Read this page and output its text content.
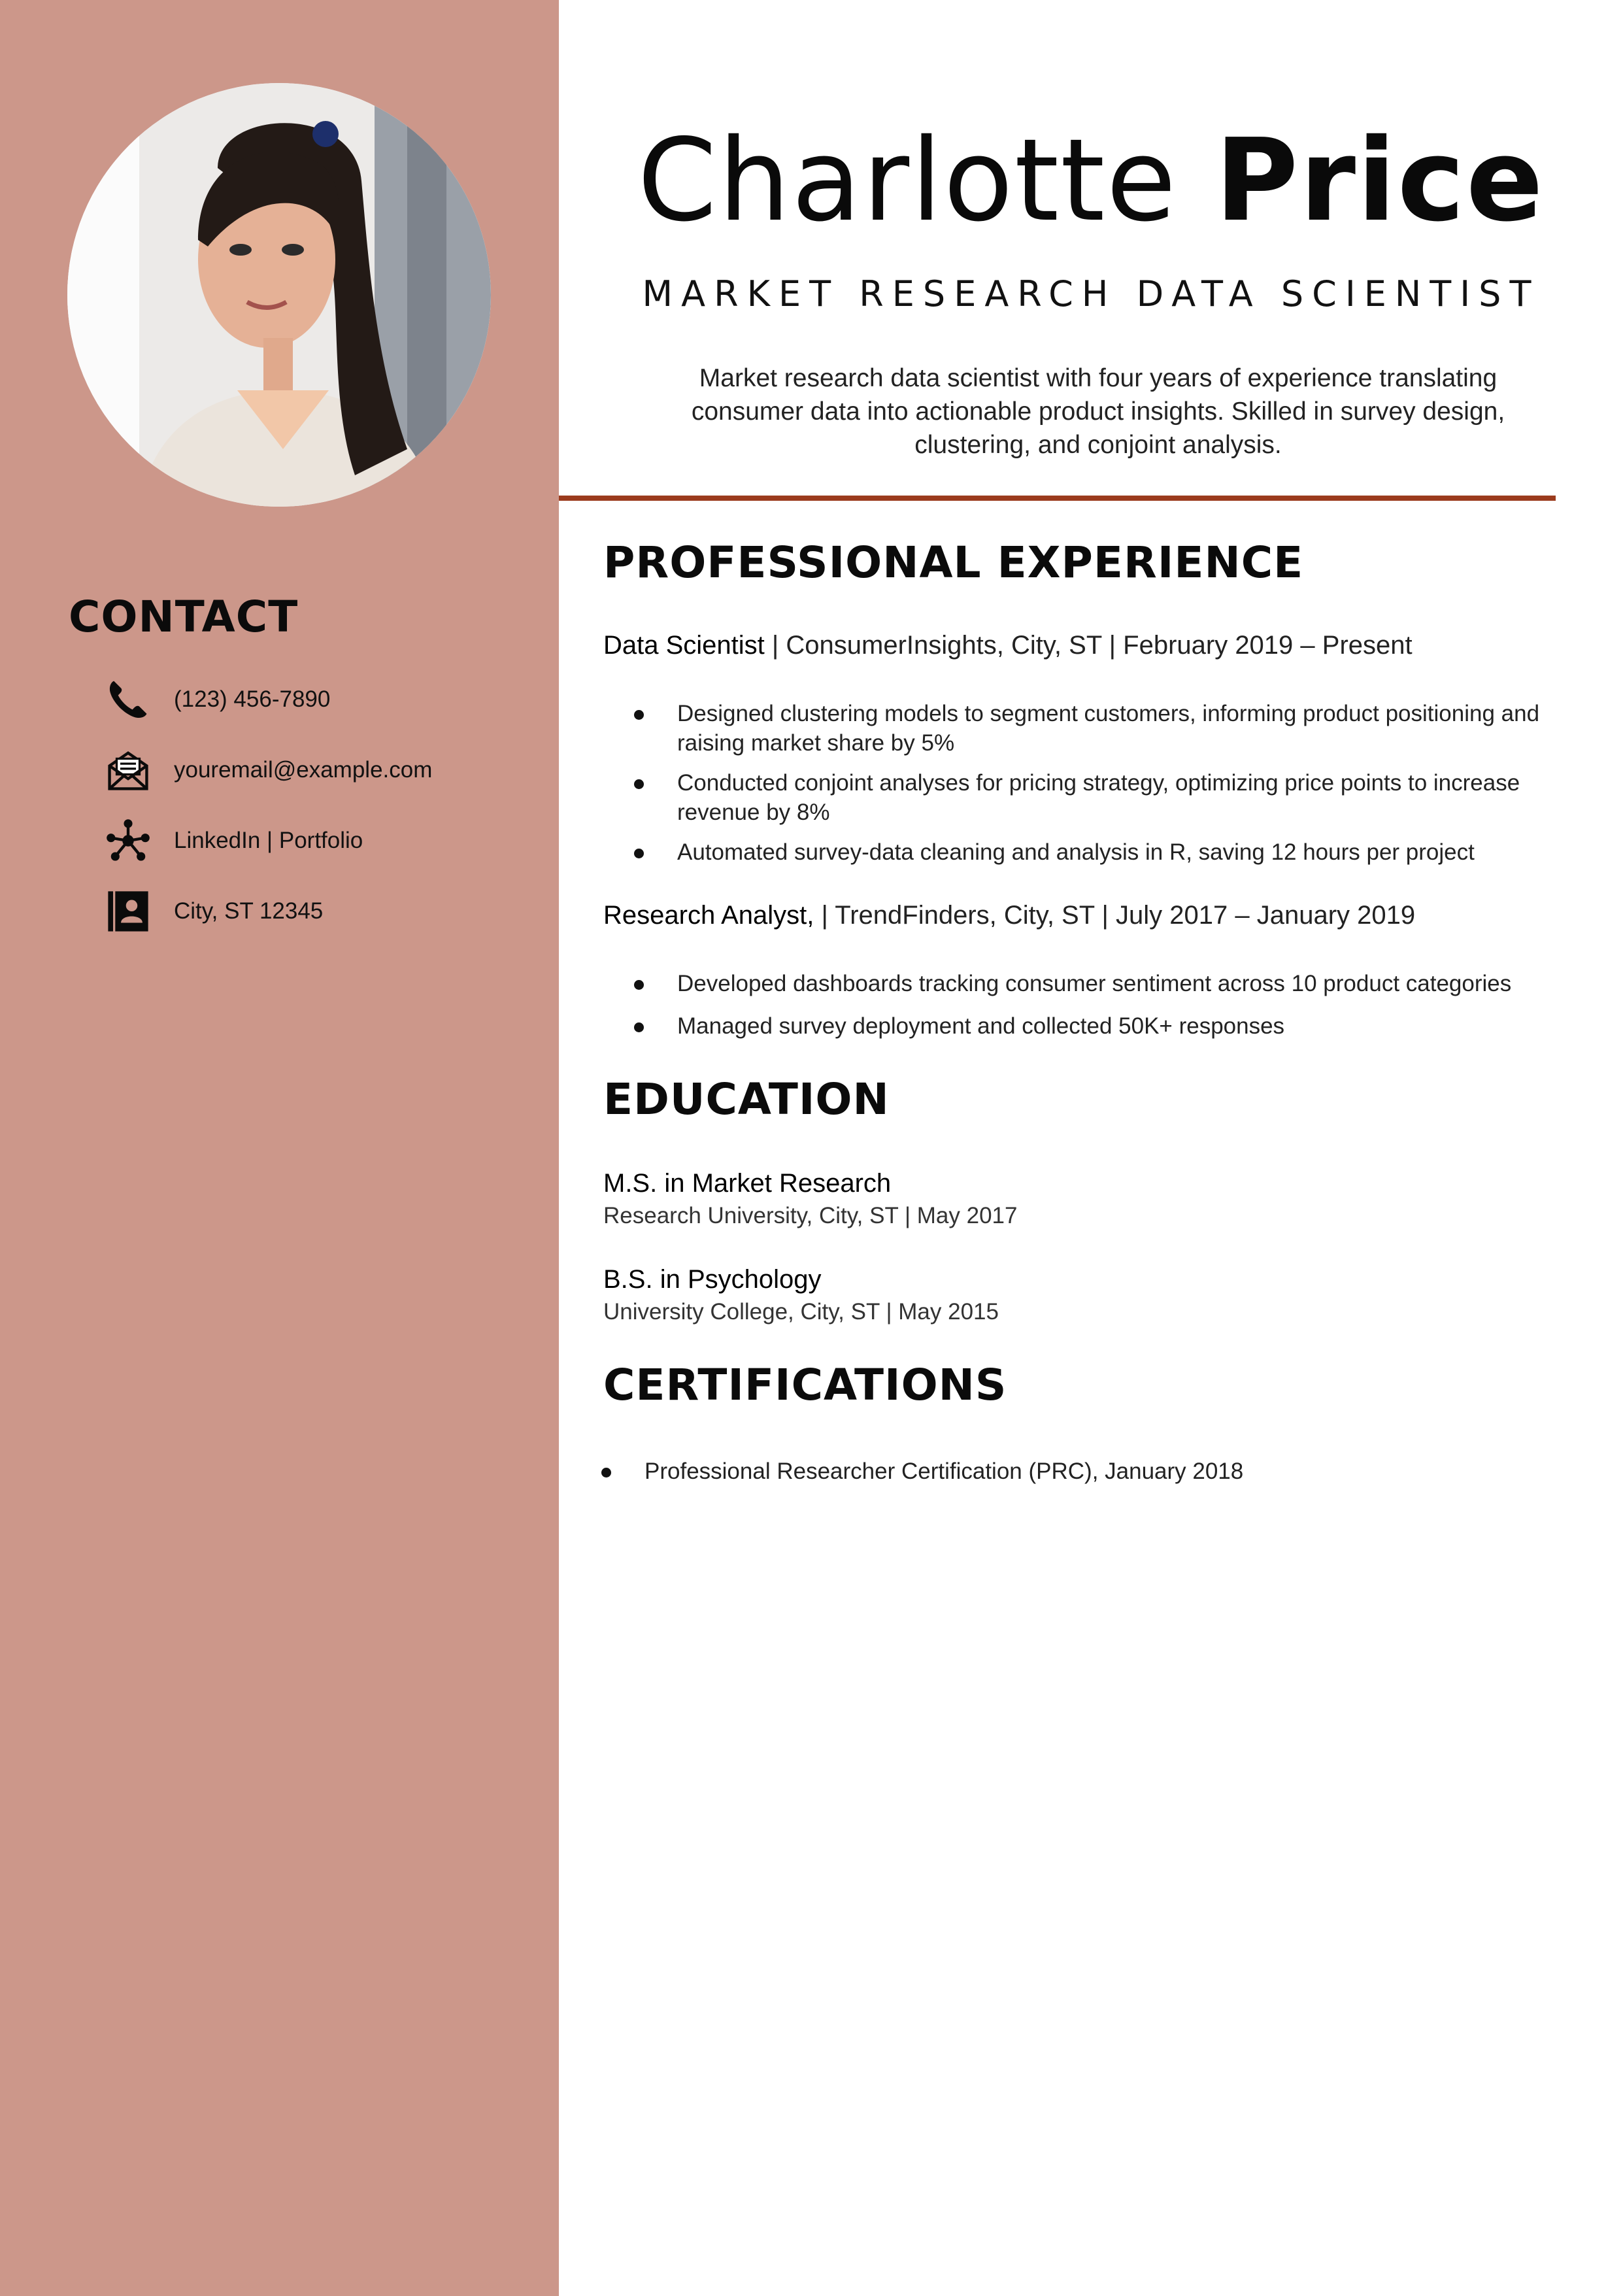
CONTACT
(123) 456-7890
youremail@example.com
LinkedIn | Portfolio
City, ST 12345
Charlotte Price
MARKET RESEARCH DATA SCIENTIST

Market research data scientist with four years of experience translating consumer data into actionable product insights. Skilled in survey design, clustering, and conjoint analysis.

PROFESSIONAL EXPERIENCE

Data Scientist | ConsumerInsights, City, ST | February 2019 – Present

Designed clustering models to segment customers, informing product positioning and raising market share by 5%
Conducted conjoint analyses for pricing strategy, optimizing price points to increase revenue by 8%
Automated survey-data cleaning and analysis in R, saving 12 hours per project

Research Analyst, | TrendFinders, City, ST | July 2017 – January 2019

Developed dashboards tracking consumer sentiment across 10 product categories
Managed survey deployment and collected 50K+ responses
EDUCATION

M.S. in Market Research

Research University, City, ST | May 2017

B.S. in Psychology

University College, City, ST | May 2015

CERTIFICATIONS
Professional Researcher Certification (PRC), January 2018
